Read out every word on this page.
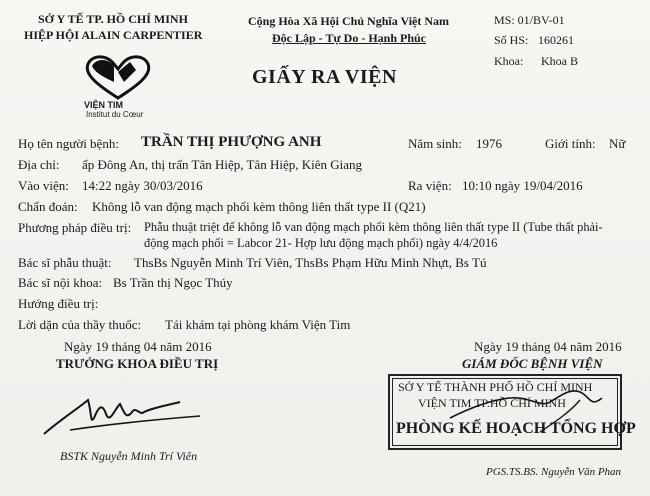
SỞ Y TẾ TP. HỒ CHÍ MINH
HIỆP HỘI ALAIN CARPENTIER
VIỆN TIM
Institut du Cœur
Cộng Hòa Xã Hội Chủ Nghĩa Việt Nam
Độc Lập - Tự Do - Hạnh Phúc
MS: 01/BV-01
Số HS: 160261
Khoa: Khoa B
GIẤY RA VIỆN
Họ tên người bệnh: TRẦN THỊ PHƯỢNG ANH	Năm sinh: 1976	Giới tính: Nữ
Địa chỉ: ấp Đông An, thị trấn Tân Hiệp, Tân Hiệp, Kiên Giang
Vào viện: 14:22 ngày 30/03/2016	Ra viện: 10:10 ngày 19/04/2016
Chẩn đoán: Không lỗ van động mạch phổi kèm thông liên thất type II (Q21)
Phương pháp điều trị: Phẫu thuật triệt để không lỗ van động mạch phổi kèm thông liên thất type II (Tube thất phải-
động mạch phổi = Labcor 21- Hợp lưu động mạch phổi) ngày 4/4/2016
Bác sĩ phẫu thuật: ThsBs Nguyễn Minh Trí Viên, ThsBs Phạm Hữu Minh Nhựt, Bs Tú
Bác sĩ nội khoa: Bs Trần thị Ngọc Thúy
Hướng điều trị:
Lời dặn của thầy thuốc: Tái khám tại phòng khám Viện Tim
Ngày 19 tháng 04 năm 2016
TRƯỞNG KHOA ĐIỀU TRỊ
BSTK Nguyễn Minh Trí Viên
Ngày 19 tháng 04 năm 2016
GIÁM ĐỐC BỆNH VIỆN
SỞ Y TẾ THÀNH PHỐ HỒ CHÍ MINH
VIỆN TIM TP.HỒ CHÍ MINH
PHÒNG KẾ HOẠCH TỔNG HỢP
PGS.TS.BS. Nguyễn Văn Phan
